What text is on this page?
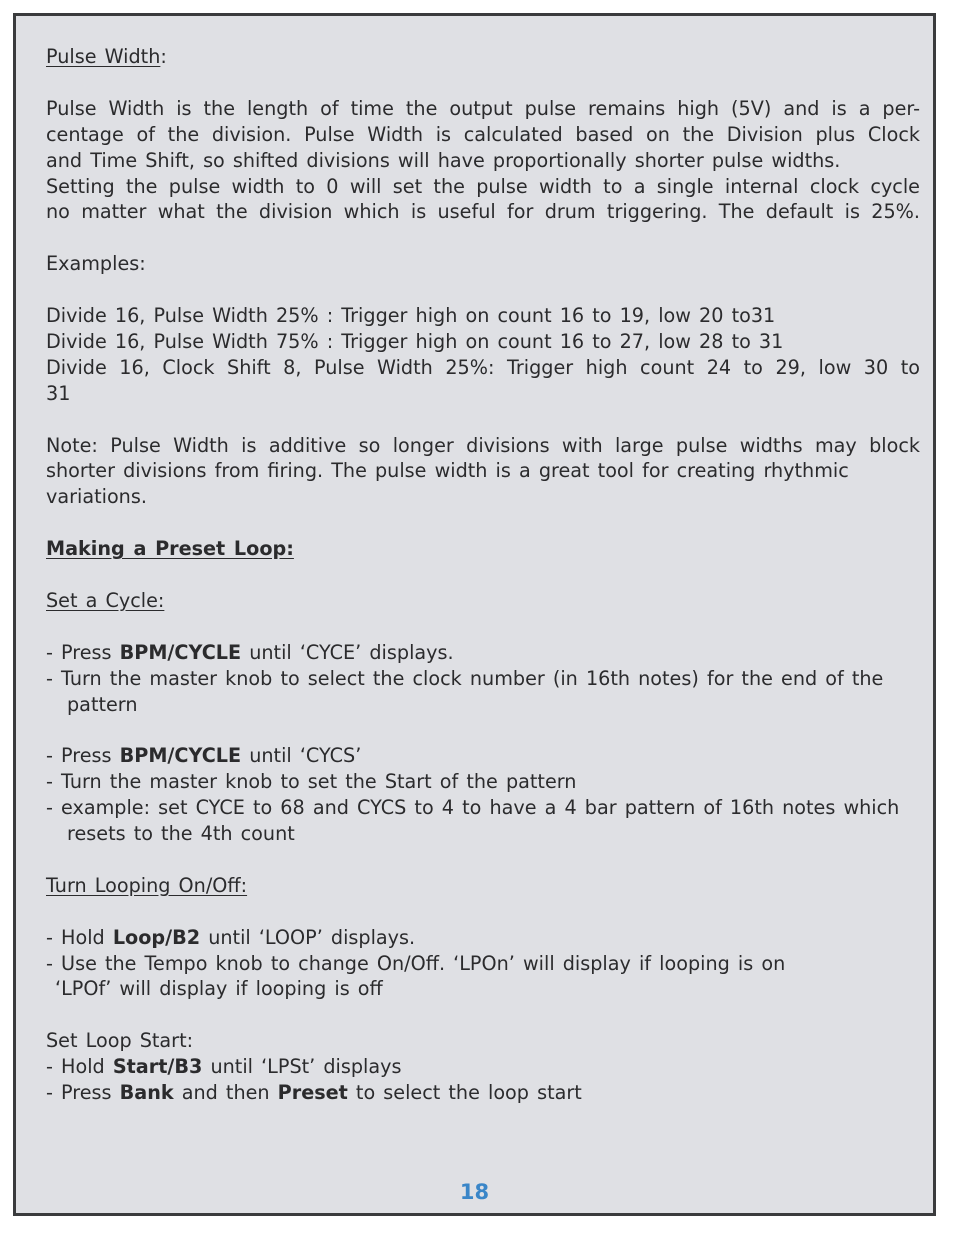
Pulse Width:

Pulse Width is the length of time the output pulse remains high (5V) and is a per-

centage of the division. Pulse Width is calculated based on the Division plus Clock

and Time Shift, so shifted divisions will have proportionally shorter pulse widths.

Setting the pulse width to 0 will set the pulse width to a single internal clock cycle

no matter what the division which is useful for drum triggering. The default is 25%.

Examples:

Divide 16, Pulse Width 25% : Trigger high on count 16 to 19, low 20 to31

Divide 16, Pulse Width 75% : Trigger high on count 16 to 27, low 28 to 31

Divide 16, Clock Shift 8, Pulse Width 25%: Trigger high count 24 to 29, low 30 to

31

Note: Pulse Width is additive so longer divisions with large pulse widths may block

shorter divisions from firing. The pulse width is a great tool for creating rhythmic

variations.

Making a Preset Loop:

Set a Cycle:

- Press BPM/CYCLE until ‘CYCE’ displays.

- Turn the master knob to select the clock number (in 16th notes) for the end of the pattern

- Press BPM/CYCLE until ‘CYCS’

- Turn the master knob to set the Start of the pattern

- example: set CYCE to 68 and CYCS to 4 to have a 4 bar pattern of 16th notes which resets to the 4th count

Turn Looping On/Off:

- Hold Loop/B2 until ‘LOOP’ displays.

- Use the Tempo knob to change On/Off. ‘LPOn’ will display if looping is on

‘LPOf’ will display if looping is off

Set Loop Start:

- Hold Start/B3 until ‘LPSt’ displays

- Press Bank and then Preset to select the loop start

18
